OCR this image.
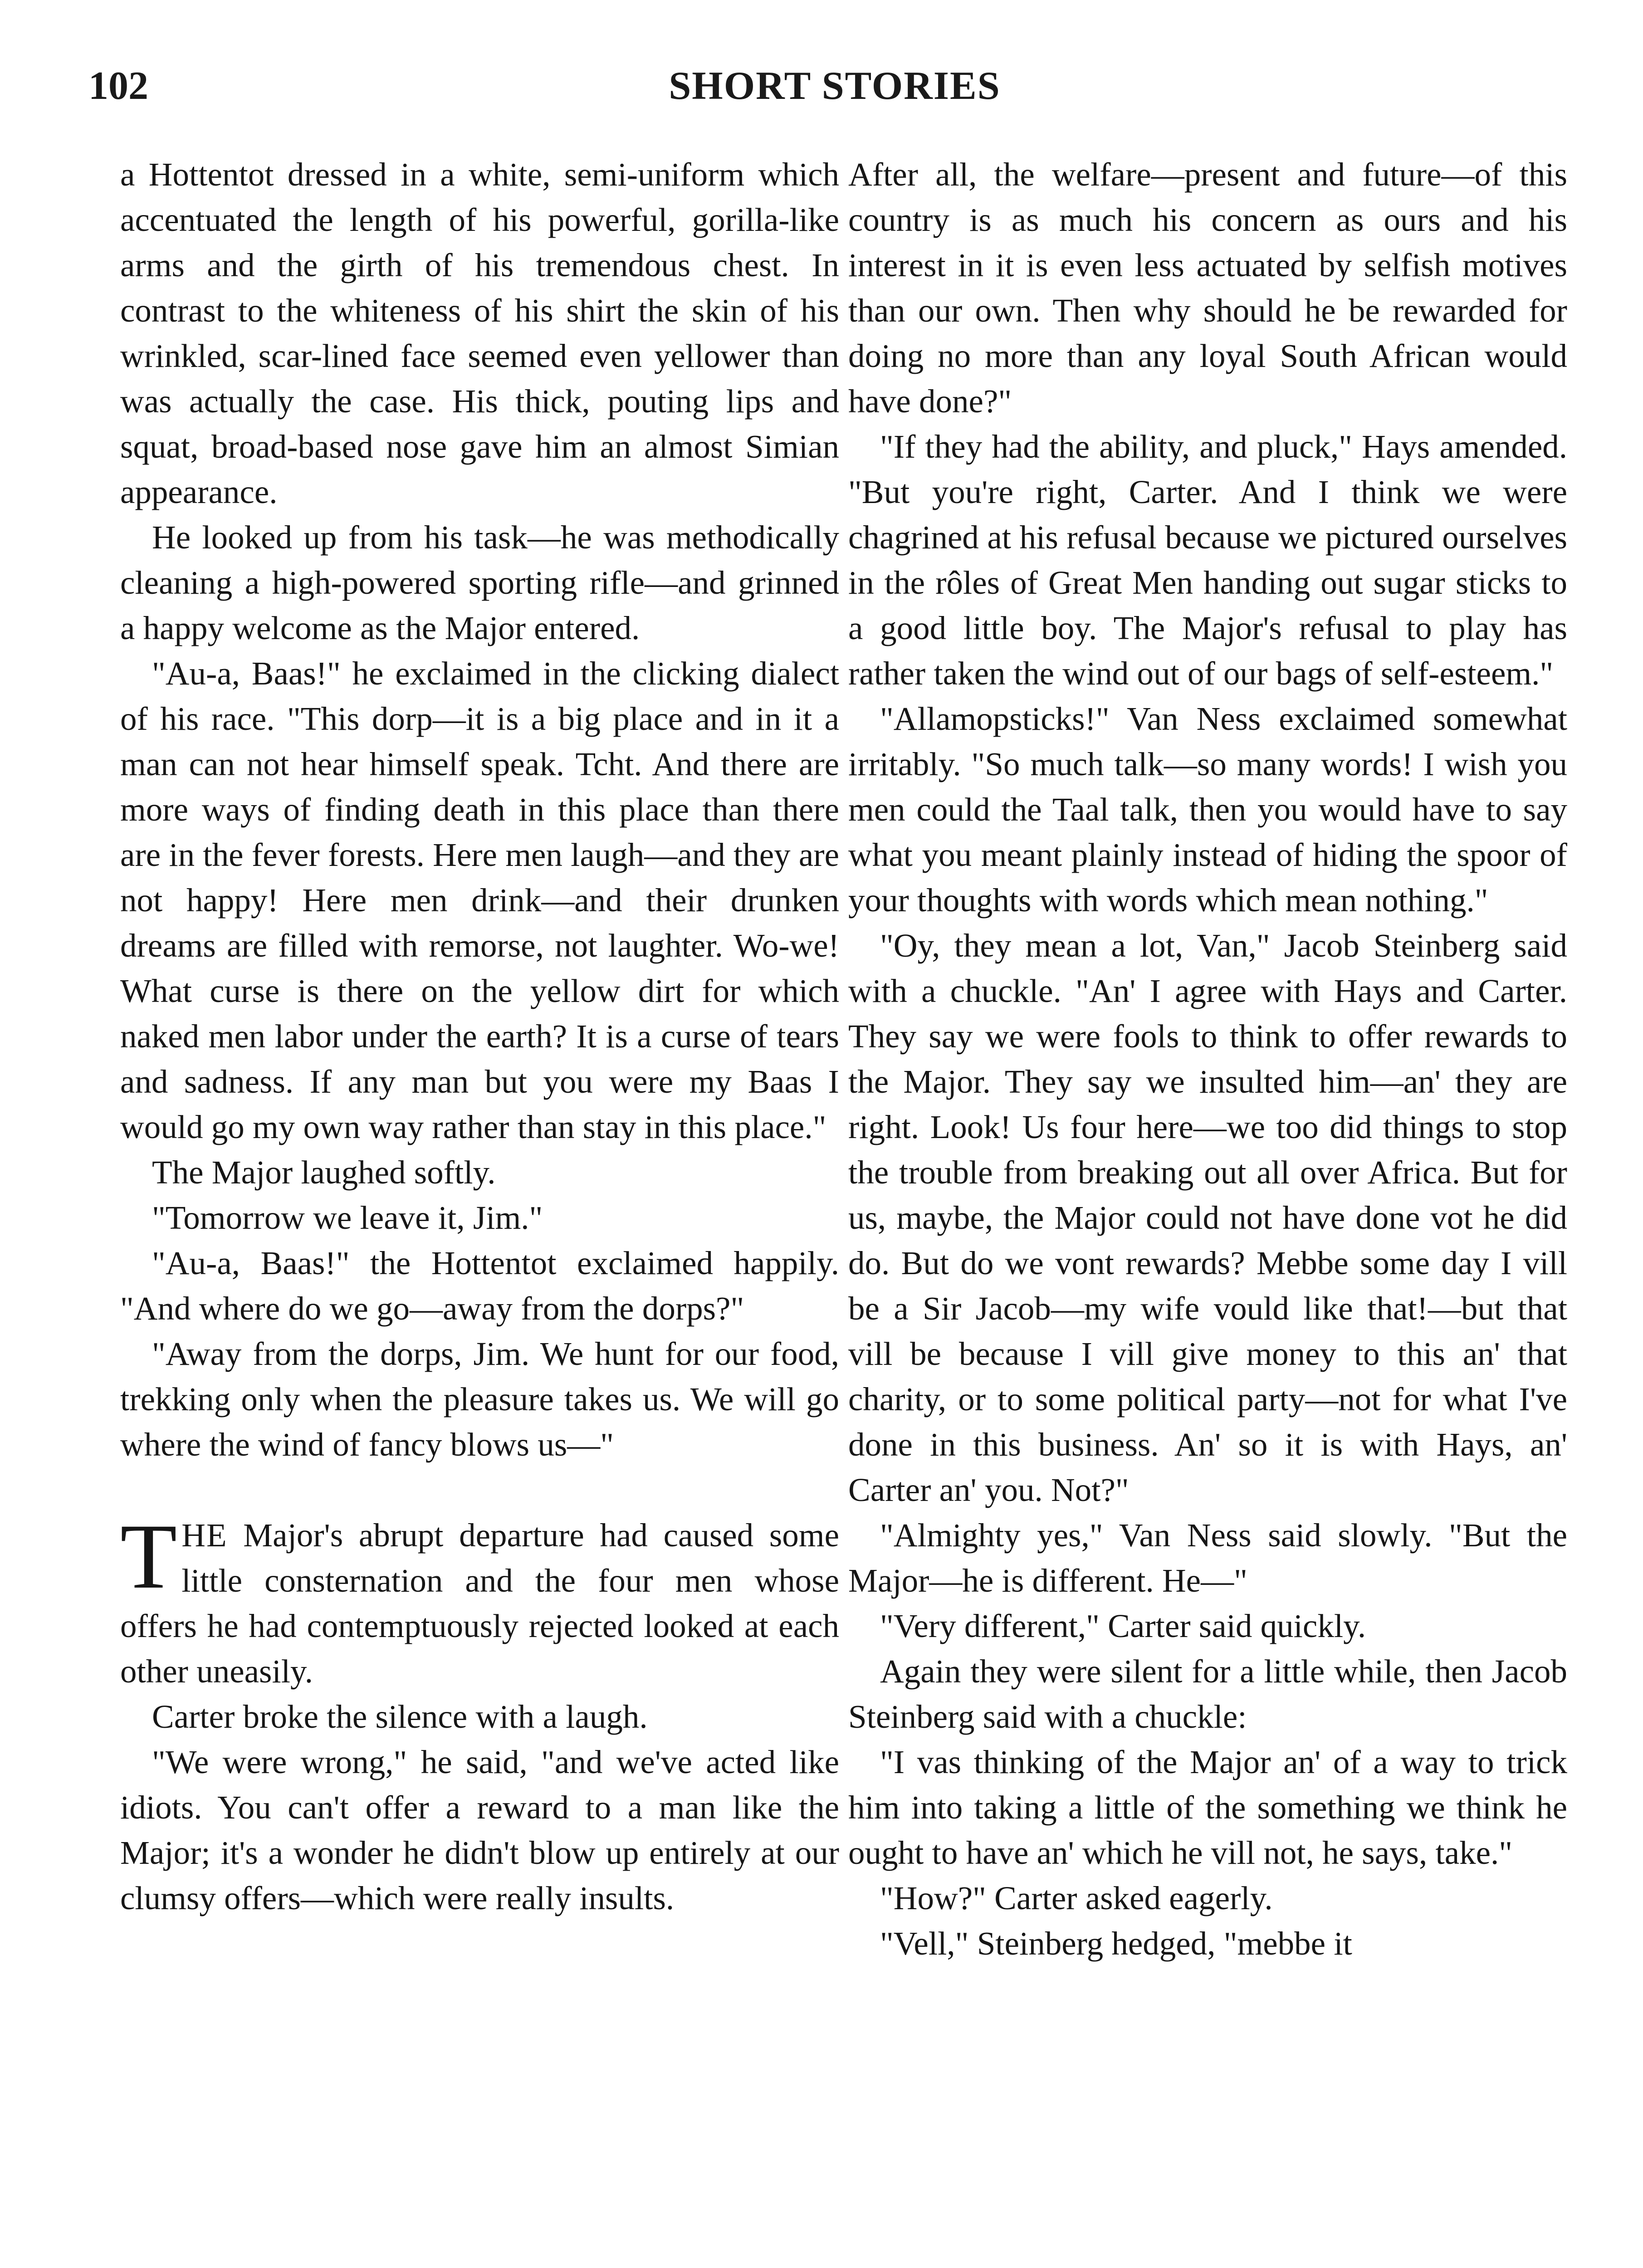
102	SHORT STORIES

a Hottentot dressed in a white, semi-uniform which accentuated the length of his powerful, gorilla-like arms and the girth of his tremendous chest. In contrast to the whiteness of his shirt the skin of his wrinkled, scar-lined face seemed even yellower than was actually the case. His thick, pouting lips and squat, broad-based nose gave him an almost Simian appearance.

He looked up from his task—he was methodically cleaning a high-powered sporting rifle—and grinned a happy welcome as the Major entered.

"Au-a, Baas!" he exclaimed in the clicking dialect of his race. "This dorp—it is a big place and in it a man can not hear himself speak. Tcht. And there are more ways of finding death in this place than there are in the fever forests. Here men laugh—and they are not happy! Here men drink—and their drunken dreams are filled with remorse, not laughter. Wo-we! What curse is there on the yellow dirt for which naked men labor under the earth? It is a curse of tears and sadness. If any man but you were my Baas I would go my own way rather than stay in this place."

The Major laughed softly.

"Tomorrow we leave it, Jim."

"Au-a, Baas!" the Hottentot exclaimed happily. "And where do we go—away from the dorps?"

"Away from the dorps, Jim. We hunt for our food, trekking only when the pleasure takes us. We will go where the wind of fancy blows us—"

THE Major's abrupt departure had caused some little consternation and the four men whose offers he had contemptuously rejected looked at each other uneasily.

Carter broke the silence with a laugh.

"We were wrong," he said, "and we've acted like idiots. You can't offer a reward to a man like the Major; it's a wonder he didn't blow up entirely at our clumsy offers—which were really insults.

After all, the welfare—present and future—of this country is as much his concern as ours and his interest in it is even less actuated by selfish motives than our own. Then why should he be rewarded for doing no more than any loyal South African would have done?"

"If they had the ability, and pluck," Hays amended. "But you're right, Carter. And I think we were chagrined at his refusal because we pictured ourselves in the rôles of Great Men handing out sugar sticks to a good little boy. The Major's refusal to play has rather taken the wind out of our bags of self-esteem."

"Allamopsticks!" Van Ness exclaimed somewhat irritably. "So much talk—so many words! I wish you men could the Taal talk, then you would have to say what you meant plainly instead of hiding the spoor of your thoughts with words which mean nothing."

"Oy, they mean a lot, Van," Jacob Steinberg said with a chuckle. "An' I agree with Hays and Carter. They say we were fools to think to offer rewards to the Major. They say we insulted him—an' they are right. Look! Us four here—we too did things to stop the trouble from breaking out all over Africa. But for us, maybe, the Major could not have done vot he did do. But do we vont rewards? Mebbe some day I vill be a Sir Jacob—my wife vould like that!—but that vill be because I vill give money to this an' that charity, or to some political party—not for what I've done in this business. An' so it is with Hays, an' Carter an' you. Not?"

"Almighty yes," Van Ness said slowly. "But the Major—he is different. He—"

"Very different," Carter said quickly.

Again they were silent for a little while, then Jacob Steinberg said with a chuckle:

"I vas thinking of the Major an' of a way to trick him into taking a little of the something we think he ought to have an' which he vill not, he says, take."

"How?" Carter asked eagerly.

"Vell," Steinberg hedged, "mebbe it
